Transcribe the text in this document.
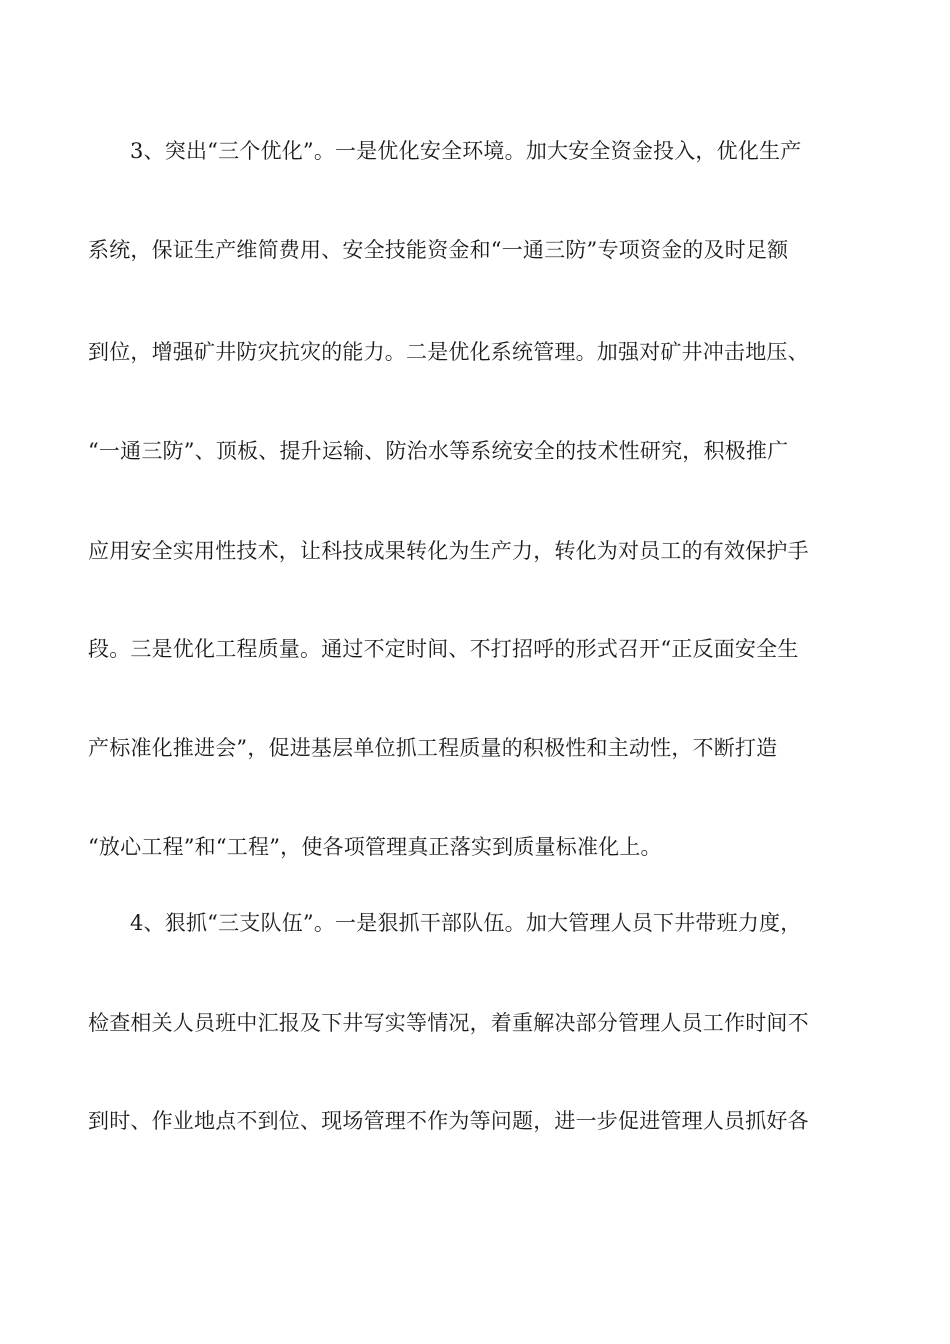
3、突出“三个优化”。一是优化安全环境。加大安全资金投入，优化生产
系统，保证生产维简费用、安全技能资金和“一通三防”专项资金的及时足额
到位，增强矿井防灾抗灾的能力。二是优化系统管理。加强对矿井冲击地压、
“一通三防”、顶板、提升运输、防治水等系统安全的技术性研究，积极推广
应用安全实用性技术，让科技成果转化为生产力，转化为对员工的有效保护手
段。三是优化工程质量。通过不定时间、不打招呼的形式召开“正反面安全生
产标准化推进会”，促进基层单位抓工程质量的积极性和主动性，不断打造
“放心工程”和“工程”，使各项管理真正落实到质量标准化上。
4、狠抓“三支队伍”。一是狠抓干部队伍。加大管理人员下井带班力度，
检查相关人员班中汇报及下井写实等情况，着重解决部分管理人员工作时间不
到时、作业地点不到位、现场管理不作为等问题，进一步促进管理人员抓好各
